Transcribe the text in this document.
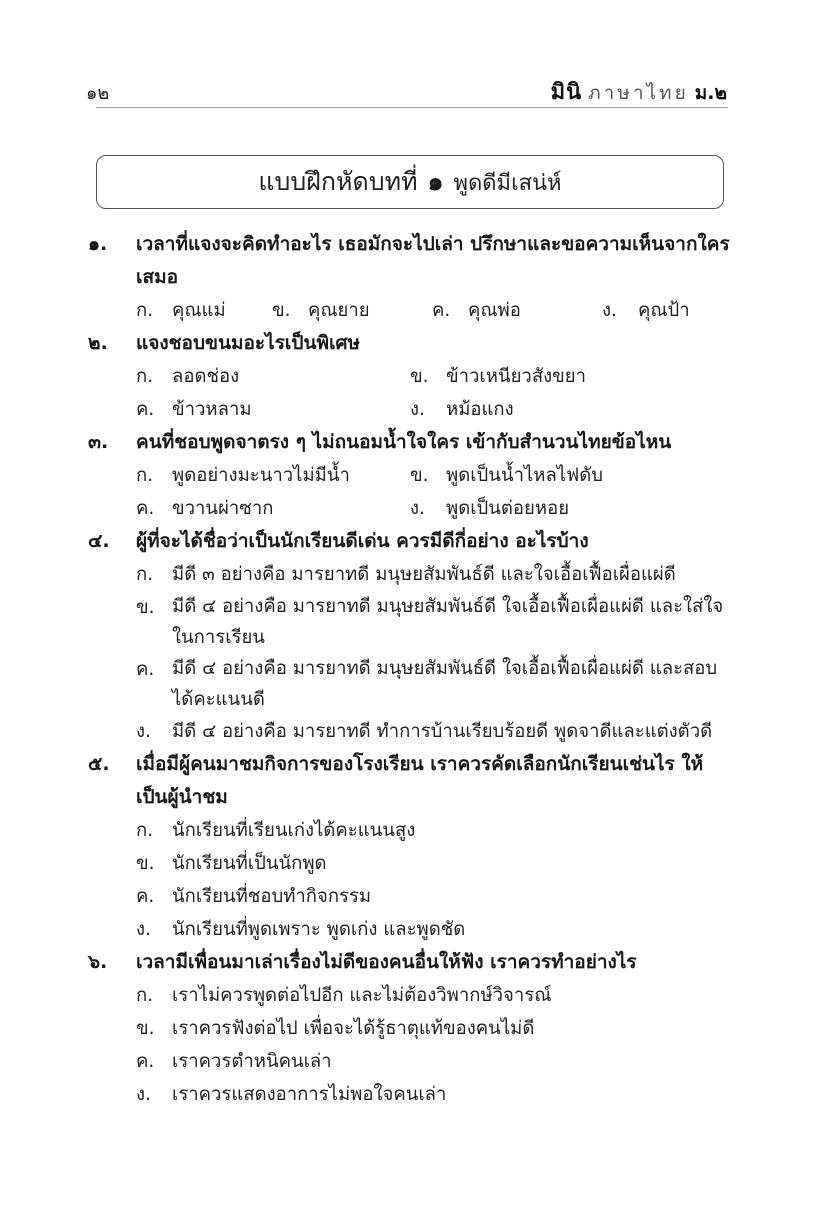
๑๒	มินิ ภาษาไทย ม.๒
แบบฝึกหัดบทที่ ๑ พูดดีมีเสน่ห์
๑.	เวลาที่แจงจะคิดทำอะไร เธอมักจะไปเล่า ปรึกษาและขอความเห็นจากใครเสมอ
ก.	คุณแม่	ข. คุณยาย	ค. คุณพ่อ	ง.	คุณป้า
๒.	แจงชอบขนมอะไรเป็นพิเศษ
ก.	ลอดช่อง	ข. ข้าวเหนียวสังขยา
ค. ข้าวหลาม	ง.	หม้อแกง
๓.	คนที่ชอบพูดจาตรง ๆ ไม่ถนอมน้ำใจใคร เข้ากับสำนวนไทยข้อไหน
ก.	พูดอย่างมะนาวไม่มีน้ำ	ข. พูดเป็นน้ำไหลไฟดับ
ค. ขวานผ่าซาก	ง.	พูดเป็นต่อยหอย
๔.	ผู้ที่จะได้ชื่อว่าเป็นนักเรียนดีเด่น ควรมีดีกี่อย่าง อะไรบ้าง
ก.	มีดี ๓ อย่างคือ มารยาทดี มนุษยสัมพันธ์ดี และใจเอื้อเฟื้อเผื่อแผ่ดี
ข. มีดี ๔ อย่างคือ มารยาทดี มนุษยสัมพันธ์ดี ใจเอื้อเฟื้อเผื่อแผ่ดี และใส่ใจในการเรียน
ค. มีดี ๔ อย่างคือ มารยาทดี มนุษยสัมพันธ์ดี ใจเอื้อเฟื้อเผื่อแผ่ดี และสอบได้คะแนนดี
ง.	มีดี ๔ อย่างคือ มารยาทดี ทำการบ้านเรียบร้อยดี พูดจาดีและแต่งตัวดี
๕.	เมื่อมีผู้คนมาชมกิจการของโรงเรียน เราควรคัดเลือกนักเรียนเช่นไร ให้เป็นผู้นำชม
ก.	นักเรียนที่เรียนเก่งได้คะแนนสูง
ข. นักเรียนที่เป็นนักพูด
ค. นักเรียนที่ชอบทำกิจกรรม
ง.	นักเรียนที่พูดเพราะ พูดเก่ง และพูดชัด
๖.	เวลามีเพื่อนมาเล่าเรื่องไม่ดีของคนอื่นให้ฟัง เราควรทำอย่างไร
ก.	เราไม่ควรพูดต่อไปอีก และไม่ต้องวิพากษ์วิจารณ์
ข. เราควรฟังต่อไป เพื่อจะได้รู้ธาตุแท้ของคนไม่ดี
ค. เราควรตำหนิคนเล่า
ง.	เราควรแสดงอาการไม่พอใจคนเล่า
